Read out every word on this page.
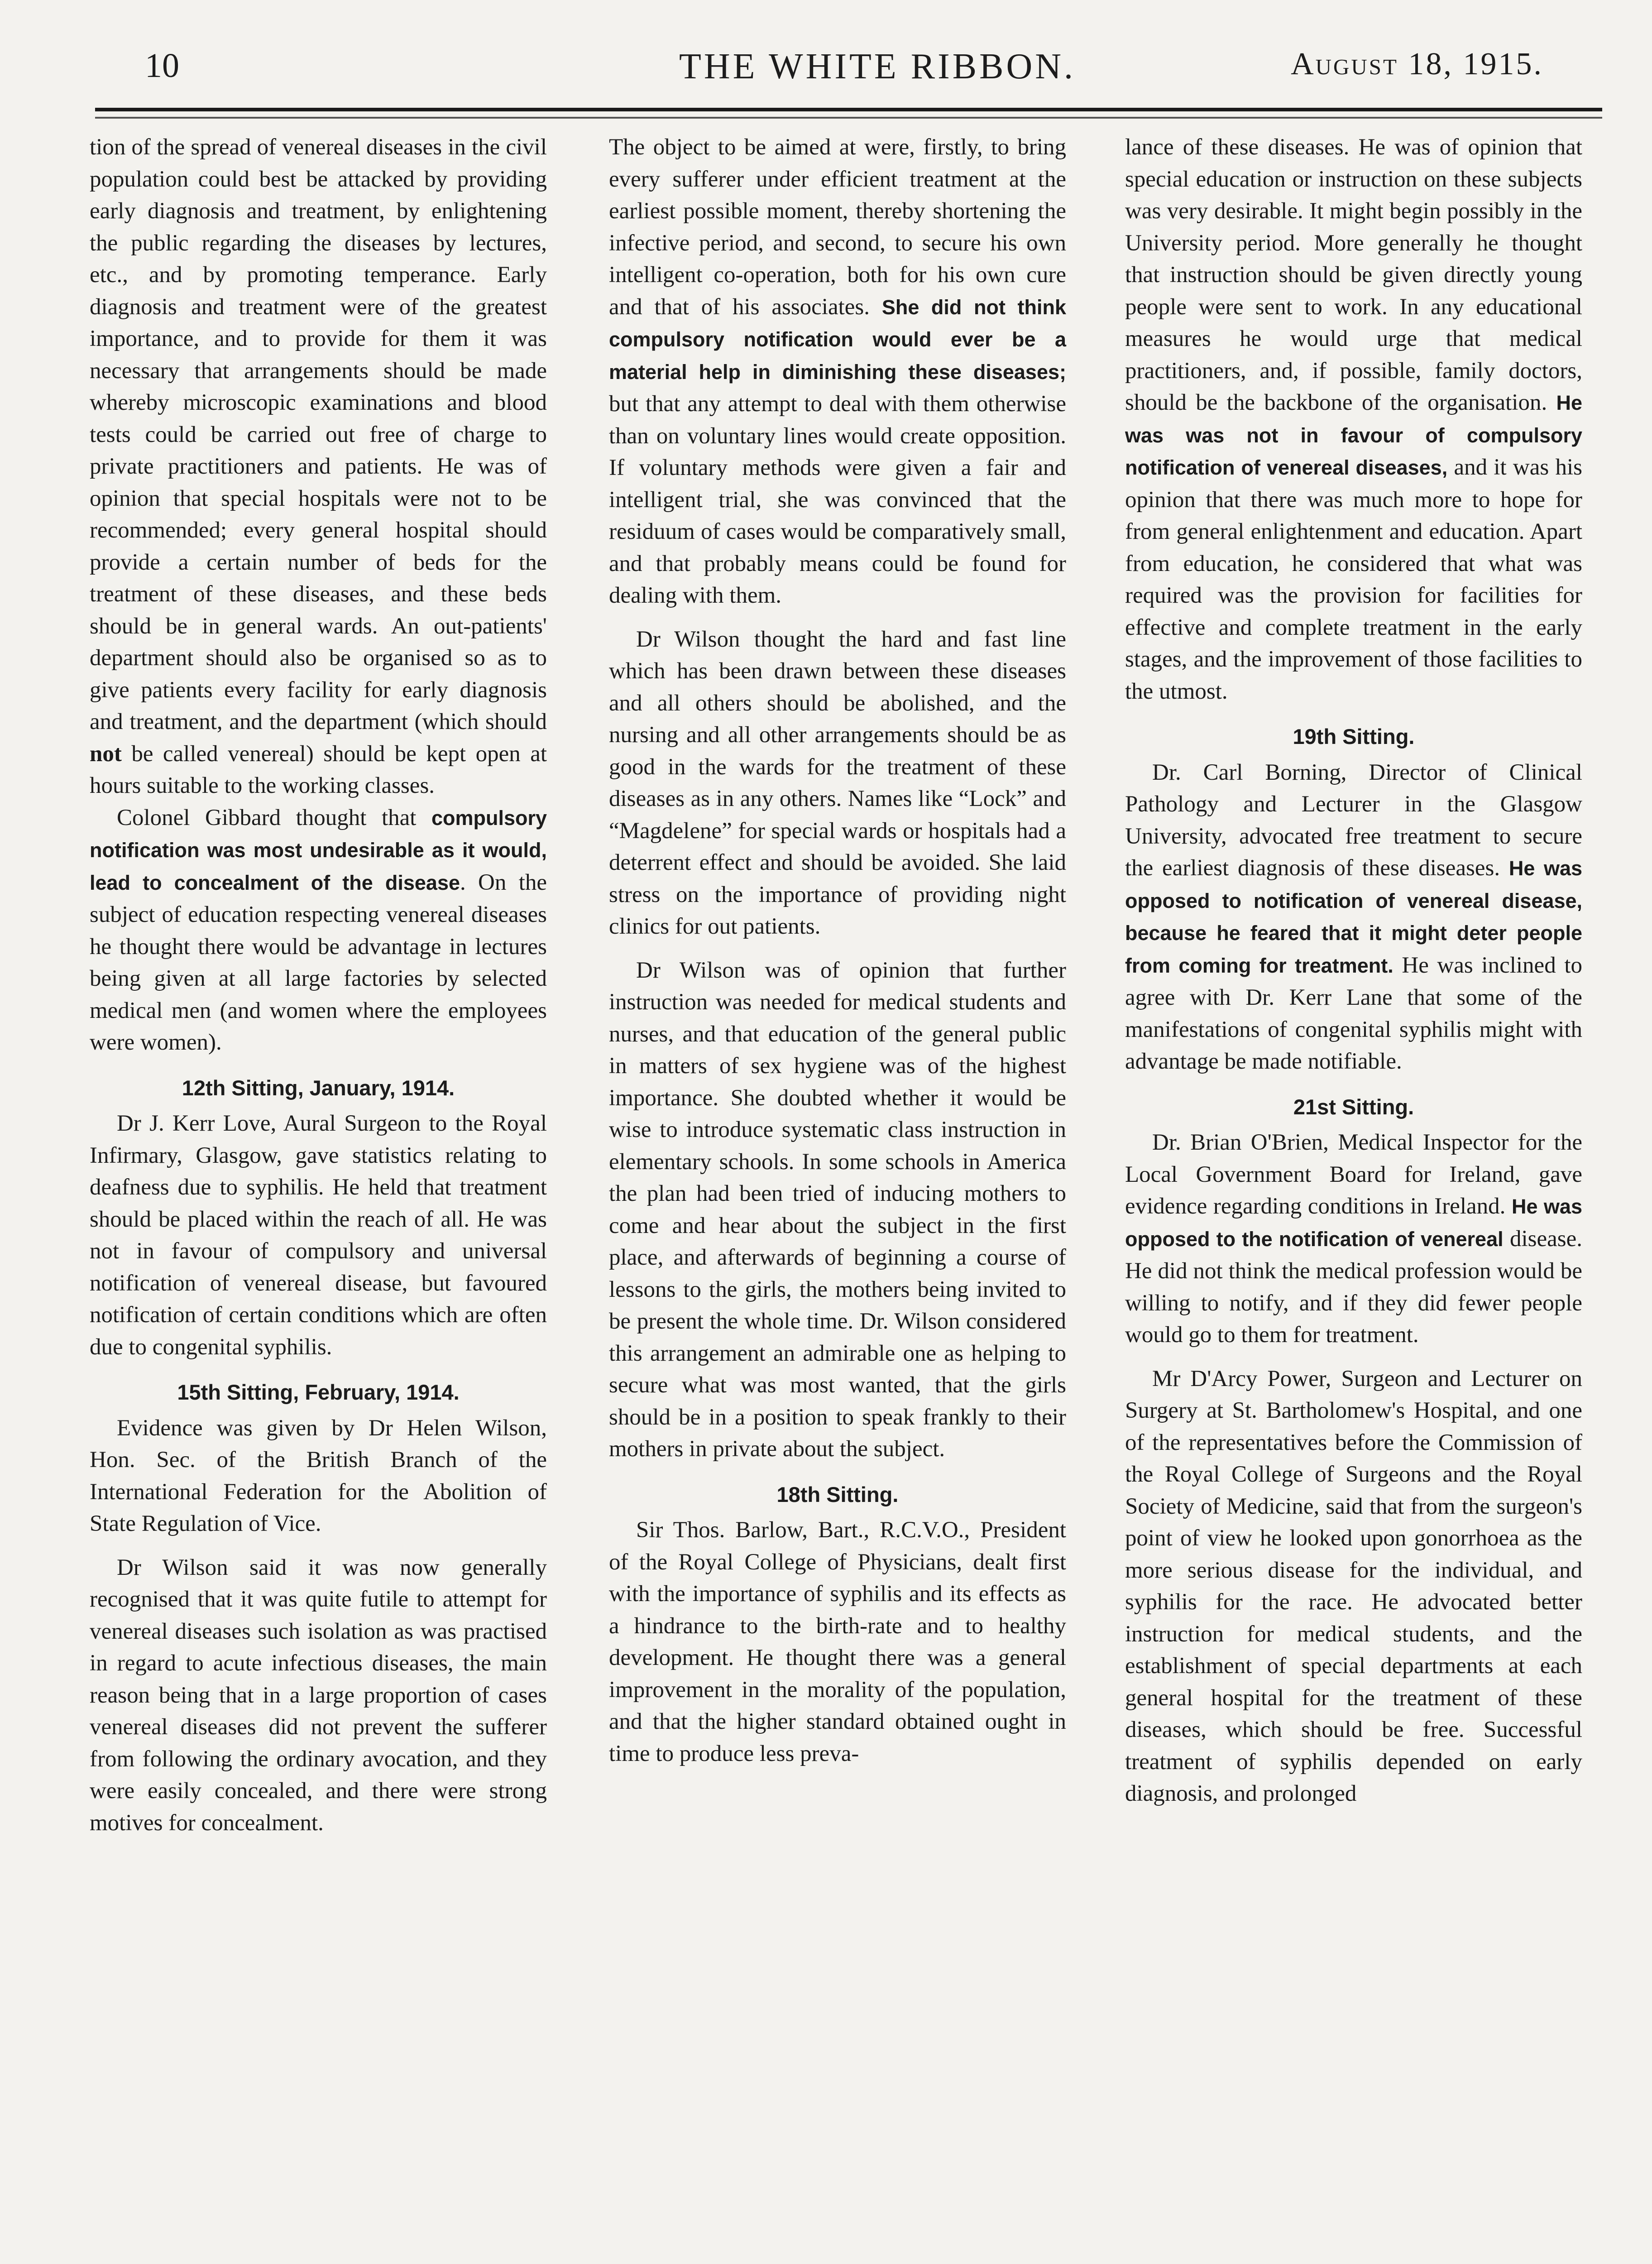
10	THE WHITE RIBBON.	August 18, 1915.

tion of the spread of venereal diseases in the civil population could best be attacked by providing early diagnosis and treatment, by enlightening the public regarding the diseases by lectures, etc., and by promoting temperance. Early diagnosis and treatment were of the greatest importance, and to provide for them it was necessary that arrangements should be made whereby microscopic examinations and blood tests could be carried out free of charge to private practitioners and patients. He was of opinion that special hospitals were not to be recommended; every general hospital should provide a certain number of beds for the treatment of these diseases, and these beds should be in general wards. An out-patients' department should also be organised so as to give patients every facility for early diagnosis and treatment, and the department (which should not be called venereal) should be kept open at hours suitable to the working classes.

Colonel Gibbard thought that compulsory notification was most undesirable as it would, lead to concealment of the disease. On the subject of education respecting venereal diseases he thought there would be advantage in lectures being given at all large factories by selected medical men (and women where the employees were women).

12th Sitting, January, 1914.

Dr J. Kerr Love, Aural Surgeon to the Royal Infirmary, Glasgow, gave statistics relating to deafness due to syphilis. He held that treatment should be placed within the reach of all. He was not in favour of compulsory and universal notification of venereal disease, but favoured notification of certain conditions which are often due to congenital syphilis.

15th Sitting, February, 1914.

Evidence was given by Dr Helen Wilson, Hon. Sec. of the British Branch of the International Federation for the Abolition of State Regulation of Vice.

Dr Wilson said it was now generally recognised that it was quite futile to attempt for venereal diseases such isolation as was practised in regard to acute infectious diseases, the main reason being that in a large proportion of cases venereal diseases did not prevent the sufferer from following the ordinary avocation, and they were easily concealed, and there were strong motives for concealment.

The object to be aimed at were, firstly, to bring every sufferer under efficient treatment at the earliest possible moment, thereby shortening the infective period, and second, to secure his own intelligent co-operation, both for his own cure and that of his associates. She did not think compulsory notification would ever be a material help in diminishing these diseases; but that any attempt to deal with them otherwise than on voluntary lines would create opposition. If voluntary methods were given a fair and intelligent trial, she was convinced that the residuum of cases would be comparatively small, and that probably means could be found for dealing with them.

Dr Wilson thought the hard and fast line which has been drawn between these diseases and all others should be abolished, and the nursing and all other arrangements should be as good in the wards for the treatment of these diseases as in any others. Names like “Lock” and “Magdelene” for special wards or hospitals had a deterrent effect and should be avoided. She laid stress on the importance of providing night clinics for out patients.

Dr Wilson was of opinion that further instruction was needed for medical students and nurses, and that education of the general public in matters of sex hygiene was of the highest importance. She doubted whether it would be wise to introduce systematic class instruction in elementary schools. In some schools in America the plan had been tried of inducing mothers to come and hear about the subject in the first place, and afterwards of beginning a course of lessons to the girls, the mothers being invited to be present the whole time. Dr. Wilson considered this arrangement an admirable one as helping to secure what was most wanted, that the girls should be in a position to speak frankly to their mothers in private about the subject.

18th Sitting.

Sir Thos. Barlow, Bart., R.C.V.O., President of the Royal College of Physicians, dealt first with the importance of syphilis and its effects as a hindrance to the birth-rate and to healthy development. He thought there was a general improvement in the morality of the population, and that the higher standard obtained ought in time to produce less preva-

lance of these diseases. He was of opinion that special education or instruction on these subjects was very desirable. It might begin possibly in the University period. More generally he thought that instruction should be given directly young people were sent to work. In any educational measures he would urge that medical practitioners, and, if possible, family doctors, should be the backbone of the organisation. He was was not in favour of compulsory notification of venereal diseases, and it was his opinion that there was much more to hope for from general enlightenment and education. Apart from education, he considered that what was required was the provision for facilities for effective and complete treatment in the early stages, and the improvement of those facilities to the utmost.

19th Sitting.

Dr. Carl Borning, Director of Clinical Pathology and Lecturer in the Glasgow University, advocated free treatment to secure the earliest diagnosis of these diseases. He was opposed to notification of venereal disease, because he feared that it might deter people from coming for treatment. He was inclined to agree with Dr. Kerr Lane that some of the manifestations of congenital syphilis might with advantage be made notifiable.

21st Sitting.

Dr. Brian O'Brien, Medical Inspector for the Local Government Board for Ireland, gave evidence regarding conditions in Ireland. He was opposed to the notification of venereal disease. He did not think the medical profession would be willing to notify, and if they did fewer people would go to them for treatment.

Mr D'Arcy Power, Surgeon and Lecturer on Surgery at St. Bartholomew's Hospital, and one of the representatives before the Commission of the Royal College of Surgeons and the Royal Society of Medicine, said that from the surgeon's point of view he looked upon gonorrhoea as the more serious disease for the individual, and syphilis for the race. He advocated better instruction for medical students, and the establishment of special departments at each general hospital for the treatment of these diseases, which should be free. Successful treatment of syphilis depended on early diagnosis, and prolonged
